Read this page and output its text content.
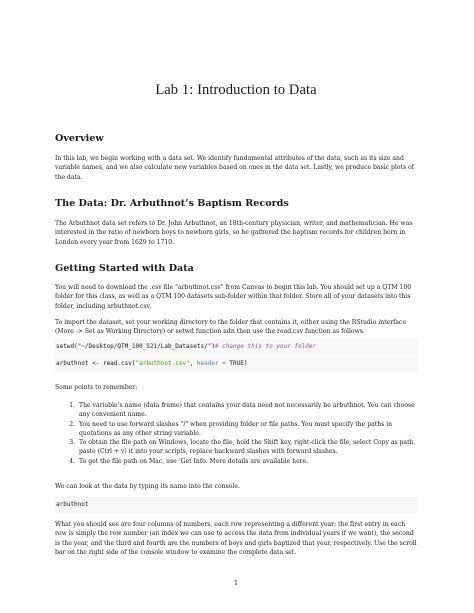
Lab 1: Introduction to Data
Overview
In this lab, we begin working with a data set. We identify fundamental attributes of the data, such as its size and variable names, and we also calculate new variables based on ones in the data set. Lastly, we produce basic plots of the data.
The Data: Dr. Arbuthnot’s Baptism Records
The Arbuthnot data set refers to Dr. John Arbuthnot, an 18th-century physician, writer, and mathematician. He was interested in the ratio of newborn boys to newborn girls, so he gathered the baptism records for children born in London every year from 1629 to 1710.
Getting Started with Data
You will need to download the .csv file "arbuthnot.csv" from Canvas to begin this lab. You should set up a QTM 100 folder for this class, as well as a QTM 100 datasets sub-folder within that folder. Store all of your datasets into this folder, including arbuthnot.csv.
To import the dataset, set your working directory to the folder that contains it, either using the RStudio interface (More -> Set as Working Directory) or setwd function adn then use the read.csv function as follows.
setwd("~/Desktop/QTM_100_S21/Lab_Datasets/")# change this to your folder
arbuthnot <- read.csv("arbuthnot.csv", header = TRUE)
Some points to remember:
1. The variable’s name (data frame) that contains your data need not necessarily be arbuthnot. You can choose any convenient name.
2. You need to use forward slashes "/" when providing folder or file paths. You must specify the paths in quotations as any other string variable.
3. To obtain the file path on Windows, locate the file, hold the Shift key, right-click the file, select Copy as path, paste (Ctrl + v) it into your scripts, replace backward slashes with forward slashes.
4. To get the file path on Mac, use ‘Get Info. More details are available here.
We can look at the data by typing its name into the console.
arbuthnot
What you should see are four columns of numbers, each row representing a different year: the first entry in each row is simply the row number (an index we can use to access the data from individual years if we want), the second is the year, and the third and fourth are the numbers of boys and girls baptized that year, respectively. Use the scroll bar on the right side of the console window to examine the complete data set.
1
